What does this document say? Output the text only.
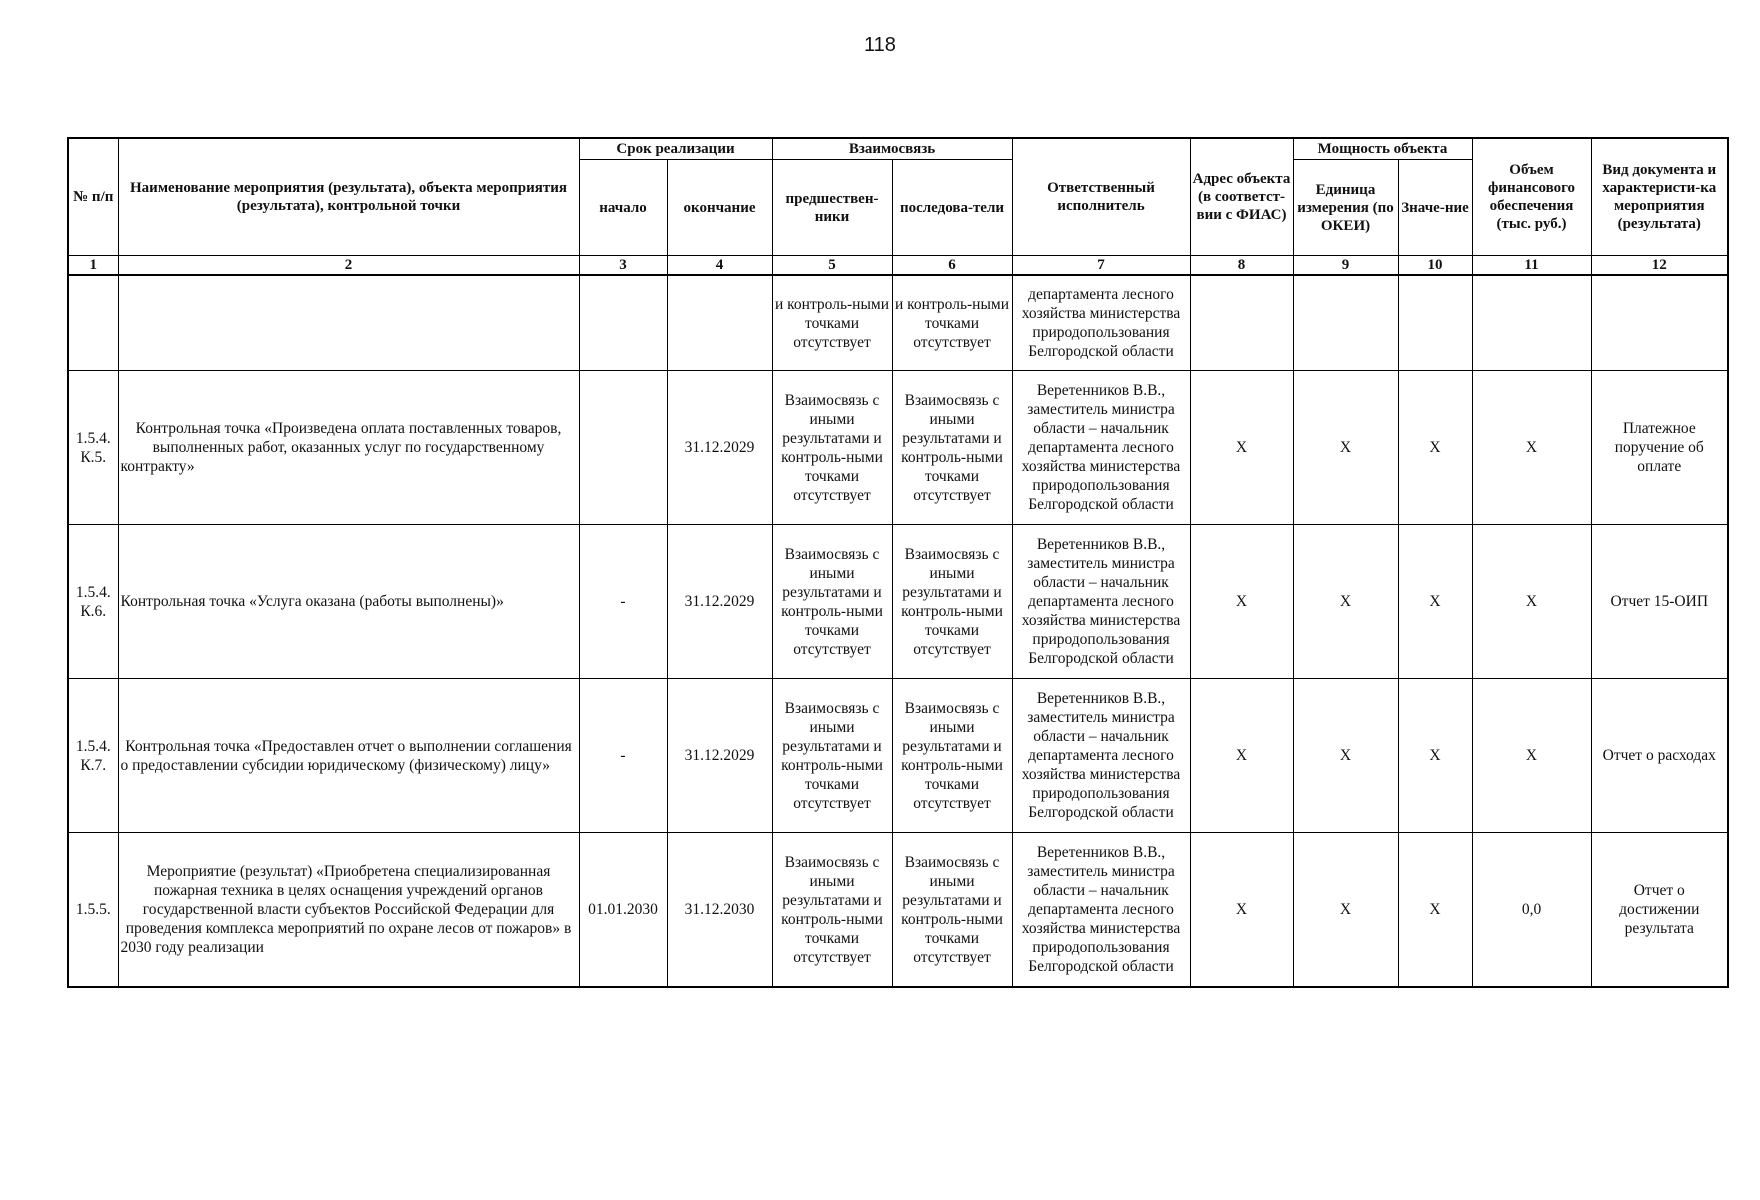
118
№ п/п	Наименование мероприятия (результата), объекта мероприятия (результата), контрольной точки	Срок реализации		Взаимосвязь		Ответственный исполнитель	Адрес объекта (в соответст-вии с ФИАС)	Мощность объекта		Объем финансового обеспечения (тыс. руб.)	Вид документа и характеристи-ка мероприятия (результата)
		начало	окончание	предшествен-ники	последова-тели			Единица измерения (по ОКЕИ)	Значе-ние		
1	2	3	4	5	6	7	8	9	10	11	12
				и контроль-ными точками отсутствует	и контроль-ными точками отсутствует	департамента лесного хозяйства министерства природопользования Белгородской области					
1.5.4. К.5.	Контрольная точка «Произведена оплата поставленных товаров, выполненных работ, оказанных услуг по государственному контракту»		31.12.2029	Взаимосвязь с иными результатами и контроль-ными точками отсутствует	Взаимосвязь с иными результатами и контроль-ными точками отсутствует	Веретенников В.В., заместитель министра области – начальник департамента лесного хозяйства министерства природопользования Белгородской области	X	X	X	X	Платежное поручение об оплате
1.5.4. К.6.	Контрольная точка «Услуга оказана (работы выполнены)»	-	31.12.2029	Взаимосвязь с иными результатами и контроль-ными точками отсутствует	Взаимосвязь с иными результатами и контроль-ными точками отсутствует	Веретенников В.В., заместитель министра области – начальник департамента лесного хозяйства министерства природопользования Белгородской области	X	X	X	X	Отчет 15-ОИП
1.5.4. К.7.	Контрольная точка «Предоставлен отчет о выполнении соглашения о предоставлении субсидии юридическому (физическому) лицу»	-	31.12.2029	Взаимосвязь с иными результатами и контроль-ными точками отсутствует	Взаимосвязь с иными результатами и контроль-ными точками отсутствует	Веретенников В.В., заместитель министра области – начальник департамента лесного хозяйства министерства природопользования Белгородской области	X	X	X	X	Отчет о расходах
1.5.5.	Мероприятие (результат) «Приобретена специализированная пожарная техника в целях оснащения учреждений органов государственной власти субъектов Российской Федерации для проведения комплекса мероприятий по охране лесов от пожаров» в 2030 году реализации	01.01.2030	31.12.2030	Взаимосвязь с иными результатами и контроль-ными точками отсутствует	Взаимосвязь с иными результатами и контроль-ными точками отсутствует	Веретенников В.В., заместитель министра области – начальник департамента лесного хозяйства министерства природопользования Белгородской области	X	X	X	0,0	Отчет о достижении результата
